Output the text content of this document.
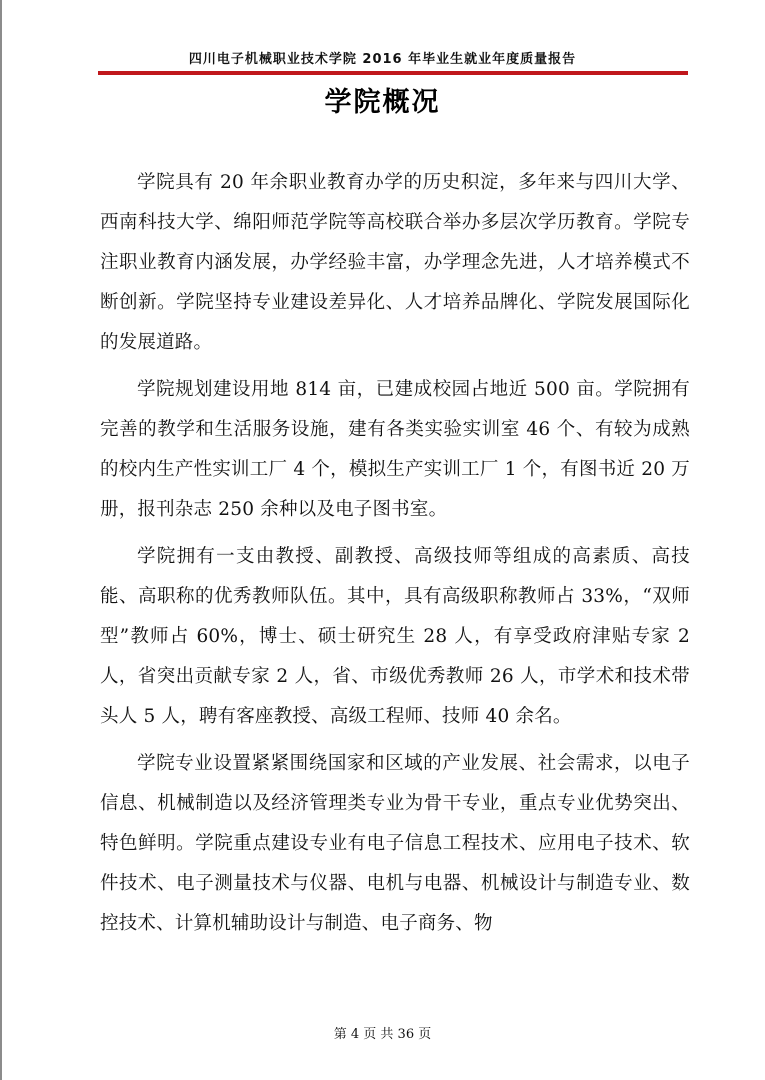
四川电子机械职业技术学院 2016 年毕业生就业年度质量报告
学院概况

学院具有 20 年余职业教育办学的历史积淀，多年来与四川大学、西南科技大学、绵阳师范学院等高校联合举办多层次学历教育。学院专注职业教育内涵发展，办学经验丰富，办学理念先进，人才培养模式不断创新。学院坚持专业建设差异化、人才培养品牌化、学院发展国际化的发展道路。

学院规划建设用地 814 亩，已建成校园占地近 500 亩。学院拥有完善的教学和生活服务设施，建有各类实验实训室 46 个、有较为成熟的校内生产性实训工厂 4 个，模拟生产实训工厂 1 个，有图书近 20 万册，报刊杂志 250 余种以及电子图书室。

学院拥有一支由教授、副教授、高级技师等组成的高素质、高技能、高职称的优秀教师队伍。其中，具有高级职称教师占 33%，“双师型”教师占 60%，博士、硕士研究生 28 人，有享受政府津贴专家 2 人，省突出贡献专家 2 人，省、市级优秀教师 26 人，市学术和技术带头人 5 人，聘有客座教授、高级工程师、技师 40 余名。

学院专业设置紧紧围绕国家和区域的产业发展、社会需求，以电子信息、机械制造以及经济管理类专业为骨干专业，重点专业优势突出、特色鲜明。学院重点建设专业有电子信息工程技术、应用电子技术、软件技术、电子测量技术与仪器、电机与电器、机械设计与制造专业、数控技术、计算机辅助设计与制造、电子商务、物

第 4 页 共 36 页
